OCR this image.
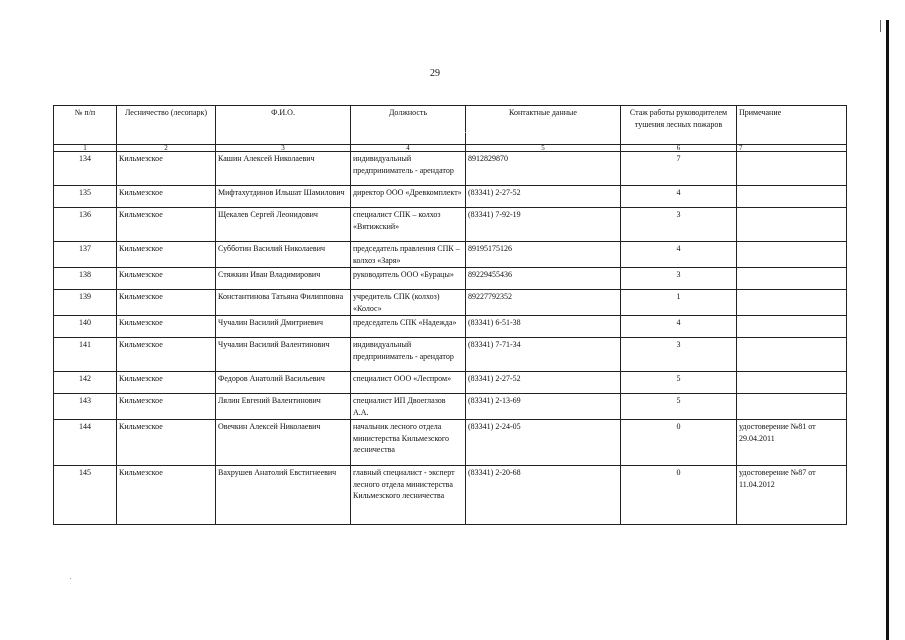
29
№ п/п	Лесничество (лесопарк)	Ф.И.О.	Должность	Контактные данные	Стаж работы руководителем тушения лесных пожаров	Примечание
1	2	3	4	5	6	7
134	Кильмезское	Кашин Алексей Николаевич	индивидуальный предприниматель - арендатор	8912829870	7	
135	Кильмезское	Мифтахутдинов Ильшат Шамилович	директор ООО «Древкомплект»	(83341) 2-27-52	4	
136	Кильмезское	Щекалев Сергей Леонидович	специалист СПК – колхоз «Вятижский»	(83341) 7-92-19	3	
137	Кильмезское	Субботин Василий Николаевич	председатель правления СПК – колхоз «Заря»	89195175126	4	
138	Кильмезское	Стяжкин Иван Владимирович	руководитель ООО «Бурацы»	89229455436	3	
139	Кильмезское	Константинова Татьяна Филипповна	учредитель СПК (колхоз) «Колос»	89227792352	1	
140	Кильмезское	Чучалин Василий Дмитриевич	председатель СПК «Надежда»	(83341) 6-51-38	4	
141	Кильмезское	Чучалин Василий Валентинович	индивидуальный предприниматель - арендатор	(83341) 7-71-34	3	
142	Кильмезское	Федоров Анатолий Васильевич	специалист ООО «Леспром»	(83341) 2-27-52	5	
143	Кильмезское	Лялин Евгений Валентинович	специалист ИП Двоеглазов А.А.	(83341) 2-13-69	5	
144	Кильмезское	Овечкин Алексей Николаевич	начальник лесного отдела министерства Кильмезского лесничества	(83341) 2-24-05	0	удостоверение №81 от 29.04.2011
145	Кильмезское	Вахрушев Анатолий Евстигнеевич	главный специалист - эксперт лесного отдела министерства Кильмезского лесничества	(83341) 2-20-68	0	удостоверение №87 от 11.04.2012
